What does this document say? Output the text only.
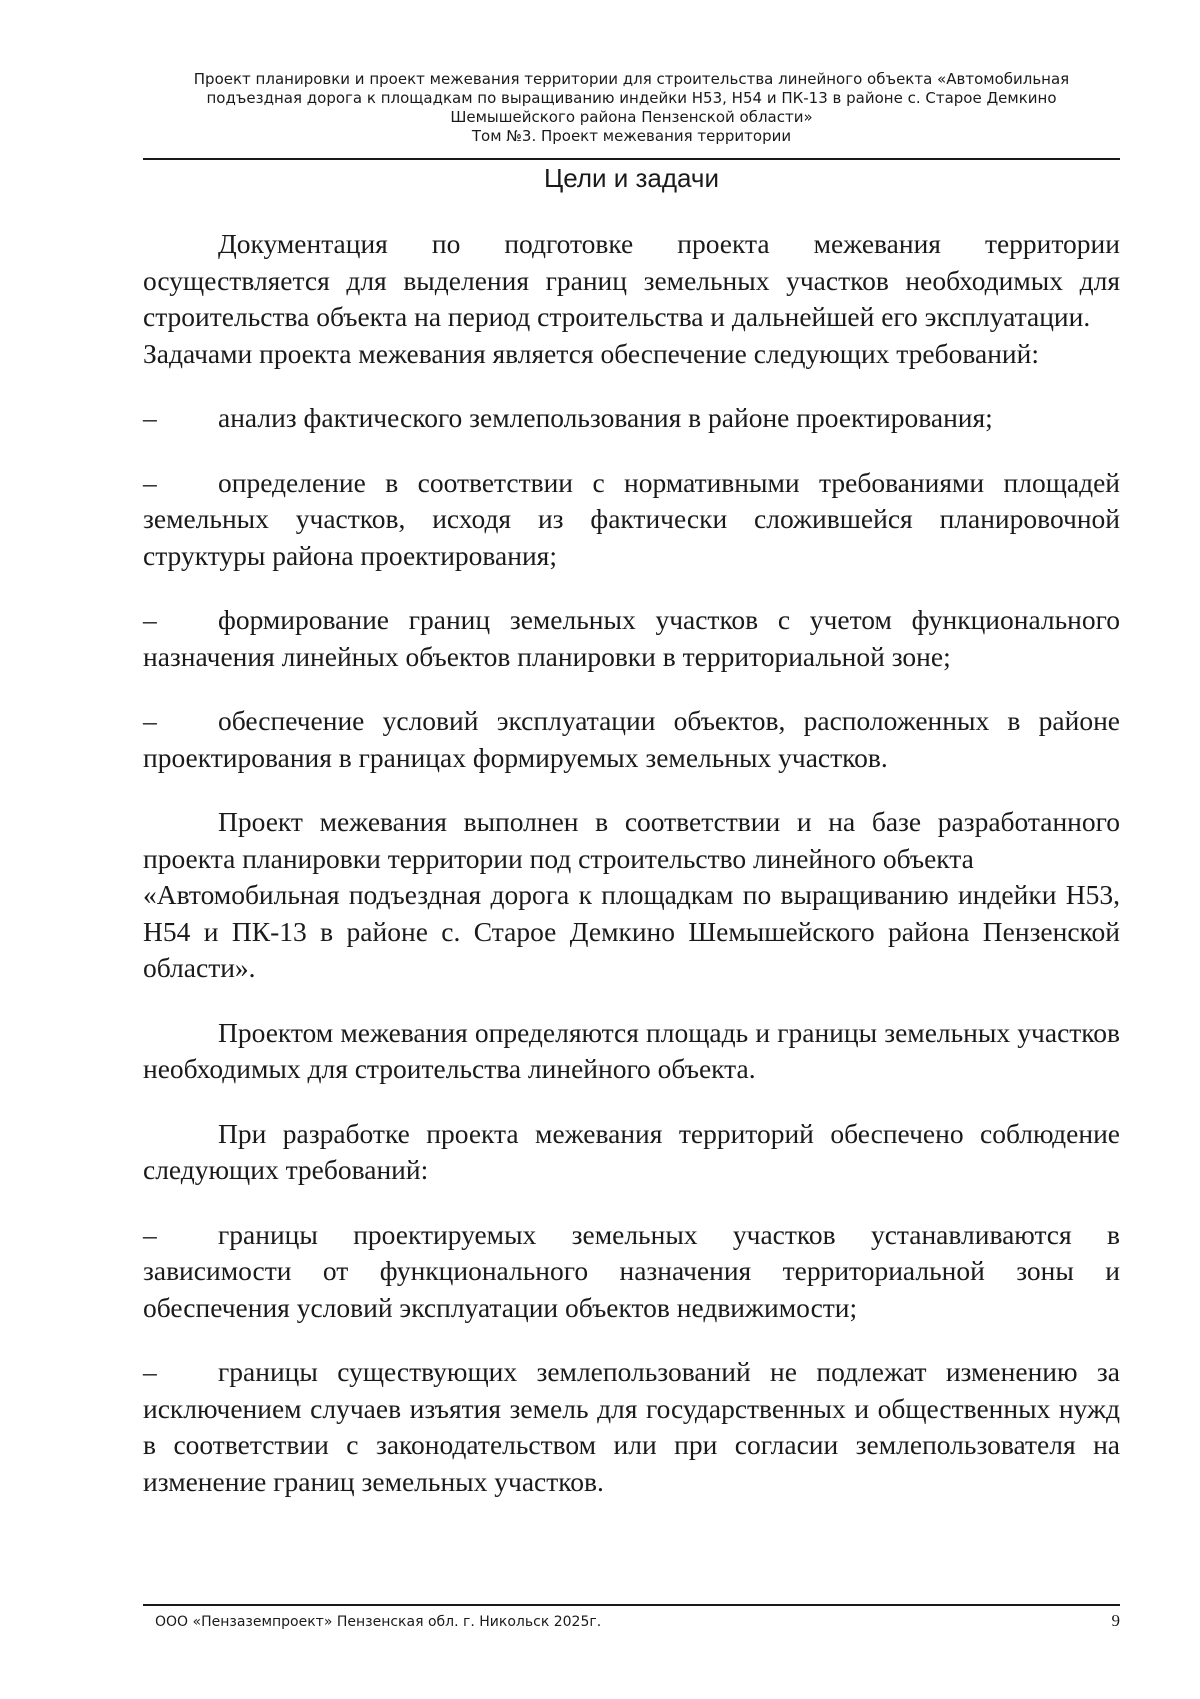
Проект планировки и проект межевания территории для строительства линейного объекта «Автомобильная
подъездная дорога к площадкам по выращиванию индейки Н53, Н54 и ПК-13 в районе с. Старое Демкино
Шемышейского района Пензенской области»
Том №3. Проект межевания территории
Цели и задачи

Документация по подготовке проекта межевания территории осуществляется для выделения границ земельных участков необходимых для строительства объекта на период строительства и дальнейшей его эксплуатации.

Задачами проекта межевания является обеспечение следующих требований:

– анализ фактического землепользования в районе проектирования;

– определение в соответствии с нормативными требованиями площадей земельных участков, исходя из фактически сложившейся планировочной структуры района проектирования;

– формирование границ земельных участков с учетом функционального назначения линейных объектов планировки в территориальной зоне;

– обеспечение условий эксплуатации объектов, расположенных в районе проектирования в границах формируемых земельных участков.

Проект межевания выполнен в соответствии и на базе разработанного проекта планировки территории под строительство линейного объекта
«Автомобильная подъездная дорога к площадкам по выращиванию индейки Н53, Н54 и ПК-13 в районе с. Старое Демкино Шемышейского района Пензенской области».

Проектом межевания определяются площадь и границы земельных участков необходимых для строительства линейного объекта.

При разработке проекта межевания территорий обеспечено соблюдение следующих требований:

– границы проектируемых земельных участков устанавливаются в зависимости от функционального назначения территориальной зоны и обеспечения условий эксплуатации объектов недвижимости;

– границы существующих землепользований не подлежат изменению за исключением случаев изъятия земель для государственных и общественных нужд в соответствии с законодательством или при согласии землепользователя на изменение границ земельных участков.

ООО «Пензаземпроект» Пензенская обл. г. Никольск 2025г.	9
